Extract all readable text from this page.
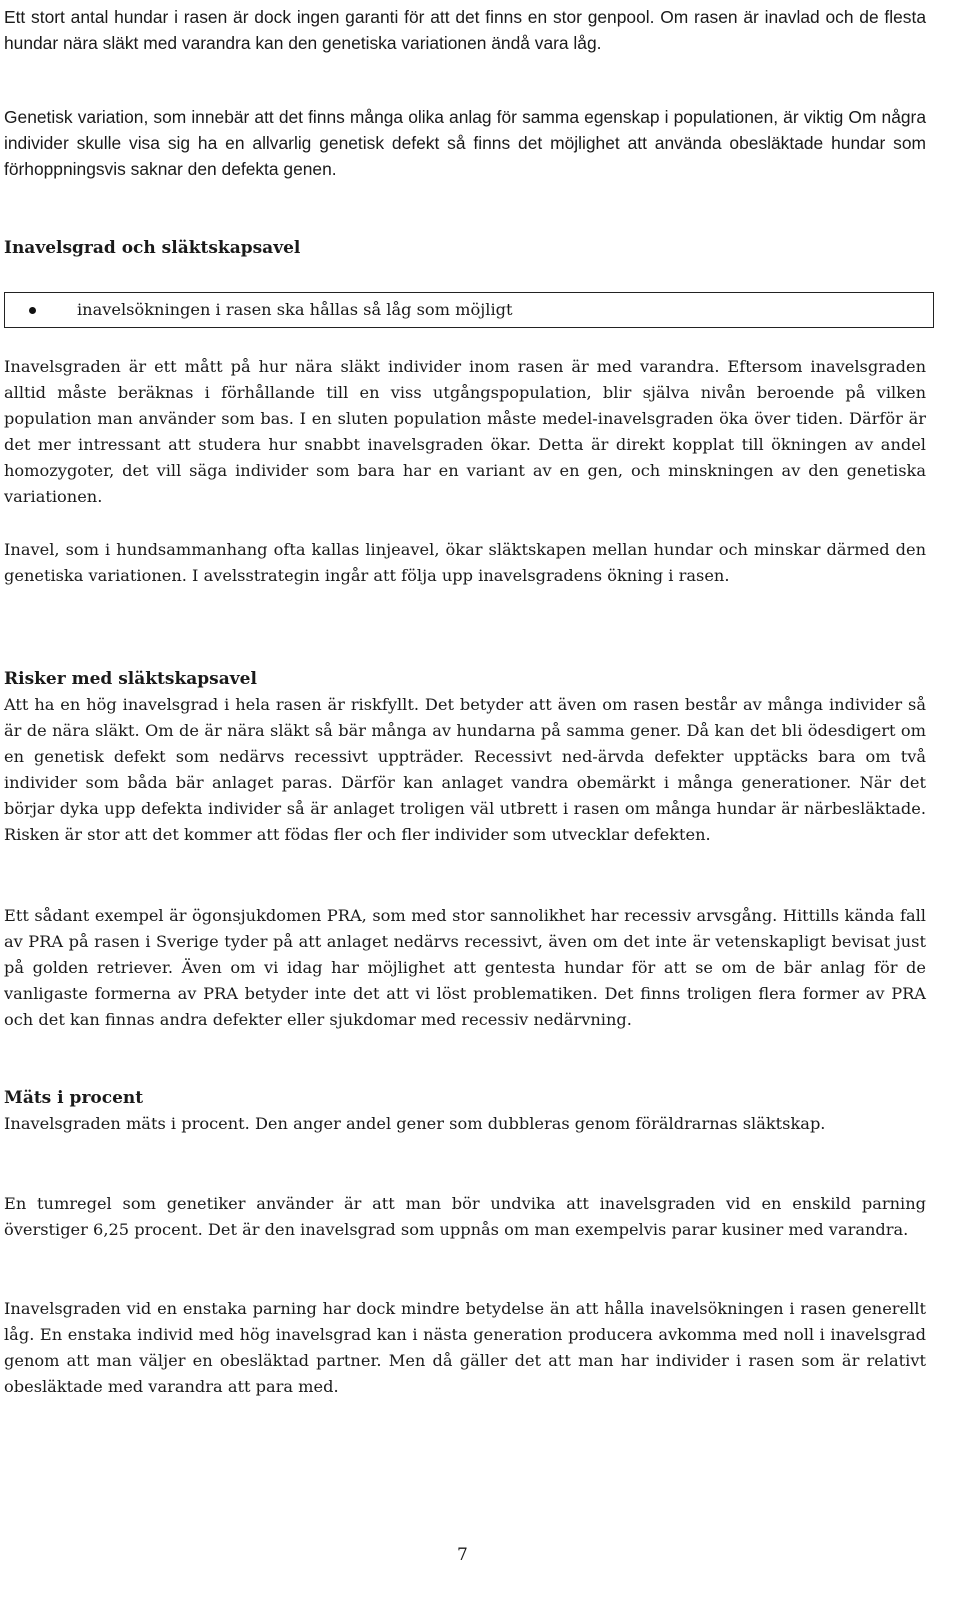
Ett stort antal hundar i rasen är dock ingen garanti för att det finns en stor genpool. Om rasen är inavlad och de flesta hundar nära släkt med varandra kan den genetiska variationen ändå vara låg.

Genetisk variation, som innebär att det finns många olika anlag för samma egenskap i populationen, är viktig Om några individer skulle visa sig ha en allvarlig genetisk defekt så finns det möjlighet att använda obesläktade hundar som förhoppningsvis saknar den defekta genen.

Inavelsgrad och släktskapsavel
inavelsökningen i rasen ska hållas så låg som möjligt

Inavelsgraden är ett mått på hur nära släkt individer inom rasen är med varandra. Eftersom inavelsgraden alltid måste beräknas i förhållande till en viss utgångspopulation, blir själva nivån beroende på vilken population man använder som bas. I en sluten population måste medel-inavelsgraden öka över tiden. Därför är det mer intressant att studera hur snabbt inavelsgraden ökar. Detta är direkt kopplat till ökningen av andel homozygoter, det vill säga individer som bara har en variant av en gen, och minskningen av den genetiska variationen.

Inavel, som i hundsammanhang ofta kallas linjeavel, ökar släktskapen mellan hundar och minskar därmed den genetiska variationen. I avelsstrategin ingår att följa upp inavelsgradens ökning i rasen.

Risker med släktskapsavel

Att ha en hög inavelsgrad i hela rasen är riskfyllt. Det betyder att även om rasen består av många individer så är de nära släkt. Om de är nära släkt så bär många av hundarna på samma gener. Då kan det bli ödesdigert om en genetisk defekt som nedärvs recessivt uppträder. Recessivt ned-ärvda defekter upptäcks bara om två individer som båda bär anlaget paras. Därför kan anlaget vandra obemärkt i många generationer. När det börjar dyka upp defekta individer så är anlaget troligen väl utbrett i rasen om många hundar är närbesläktade. Risken är stor att det kommer att födas fler och fler individer som utvecklar defekten.

Ett sådant exempel är ögonsjukdomen PRA, som med stor sannolikhet har recessiv arvsgång. Hittills kända fall av PRA på rasen i Sverige tyder på att anlaget nedärvs recessivt, även om det inte är vetenskapligt bevisat just på golden retriever. Även om vi idag har möjlighet att gentesta hundar för att se om de bär anlag för de vanligaste formerna av PRA betyder inte det att vi löst problematiken. Det finns troligen flera former av PRA och det kan finnas andra defekter eller sjukdomar med recessiv nedärvning.

Mäts i procent

Inavelsgraden mäts i procent. Den anger andel gener som dubbleras genom föräldrarnas släktskap.

En tumregel som genetiker använder är att man bör undvika att inavelsgraden vid en enskild parning överstiger 6,25 procent. Det är den inavelsgrad som uppnås om man exempelvis parar kusiner med varandra.

Inavelsgraden vid en enstaka parning har dock mindre betydelse än att hålla inavelsökningen i rasen generellt låg. En enstaka individ med hög inavelsgrad kan i nästa generation producera avkomma med noll i inavelsgrad genom att man väljer en obesläktad partner. Men då gäller det att man har individer i rasen som är relativt obesläktade med varandra att para med.

7
